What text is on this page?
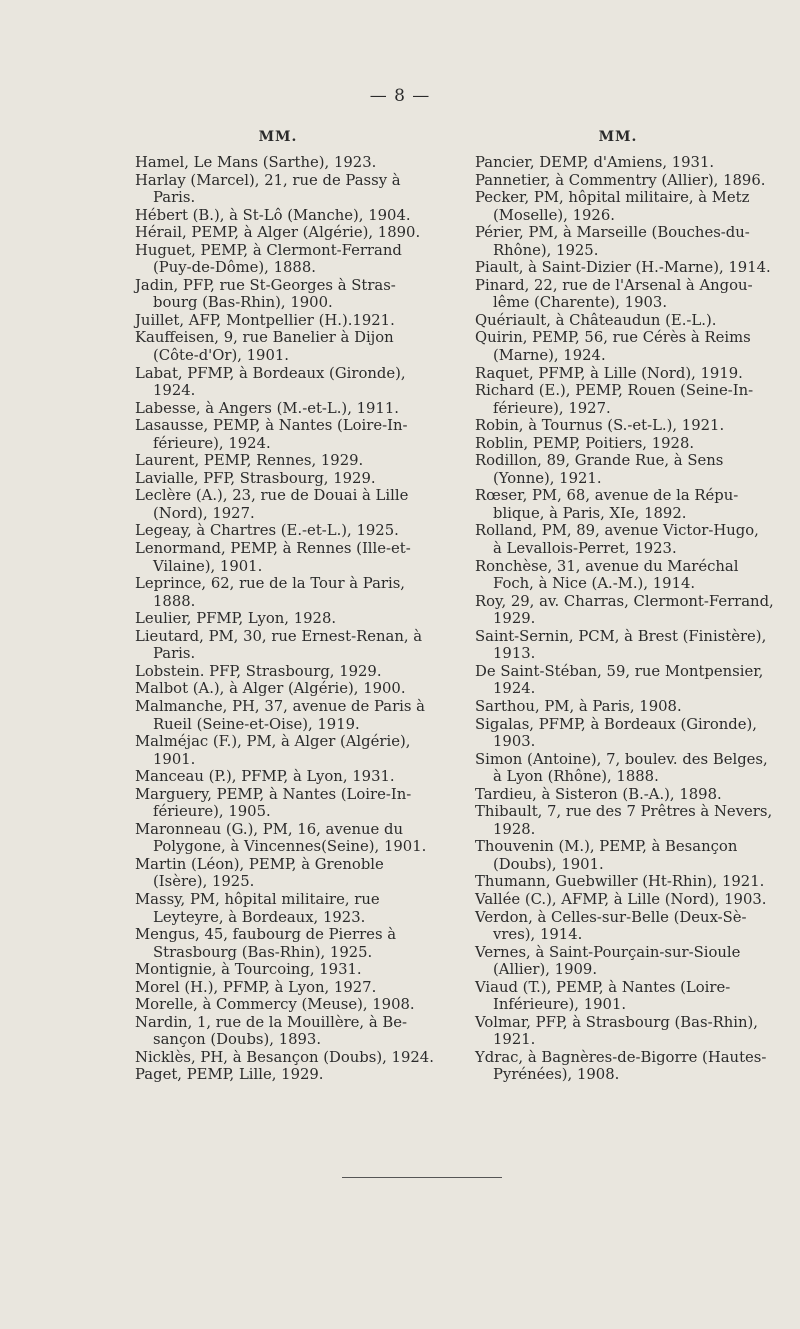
— 8 —
MM.
Hamel, Le Mans (Sarthe), 1923.
Harlay (Marcel), 21, rue de Passy à
Paris.
Hébert (B.), à St-Lô (Manche), 1904.
Hérail, PEMP, à Alger (Algérie), 1890.
Huguet, PEMP, à Clermont-Ferrand
(Puy-de-Dôme), 1888.
Jadin, PFP, rue St-Georges à Stras-
bourg (Bas-Rhin), 1900.
Juillet, AFP, Montpellier (H.).1921.
Kauffeisen, 9, rue Banelier à Dijon
(Côte-d'Or), 1901.
Labat, PFMP, à Bordeaux (Gironde),
1924.
Labesse, à Angers (M.-et-L.), 1911.
Lasausse, PEMP, à Nantes (Loire-In-
férieure), 1924.
Laurent, PEMP, Rennes, 1929.
Lavialle, PFP, Strasbourg, 1929.
Leclère (A.), 23, rue de Douai à Lille
(Nord), 1927.
Legeay, à Chartres (E.-et-L.), 1925.
Lenormand, PEMP, à Rennes (Ille-et-
Vilaine), 1901.
Leprince, 62, rue de la Tour à Paris,
1888.
Leulier, PFMP, Lyon, 1928.
Lieutard, PM, 30, rue Ernest-Renan, à
Paris.
Lobstein. PFP, Strasbourg, 1929.
Malbot (A.), à Alger (Algérie), 1900.
Malmanche, PH, 37, avenue de Paris à
Rueil (Seine-et-Oise), 1919.
Malméjac (F.), PM, à Alger (Algérie),
1901.
Manceau (P.), PFMP, à Lyon, 1931.
Marguery, PEMP, à Nantes (Loire-In-
férieure), 1905.
Maronneau (G.), PM, 16, avenue du
Polygone, à Vincennes(Seine), 1901.
Martin (Léon), PEMP, à Grenoble
(Isère), 1925.
Massy, PM, hôpital militaire, rue
Leyteyre, à Bordeaux, 1923.
Mengus, 45, faubourg de Pierres à
Strasbourg (Bas-Rhin), 1925.
Montignie, à Tourcoing, 1931.
Morel (H.), PFMP, à Lyon, 1927.
Morelle, à Commercy (Meuse), 1908.
Nardin, 1, rue de la Mouillère, à Be-
sançon (Doubs), 1893.
Nicklès, PH, à Besançon (Doubs), 1924.
Paget, PEMP, Lille, 1929.
MM.
Pancier, DEMP, d'Amiens, 1931.
Pannetier, à Commentry (Allier), 1896.
Pecker, PM, hôpital militaire, à Metz
(Moselle), 1926.
Périer, PM, à Marseille (Bouches-du-
Rhône), 1925.
Piault, à Saint-Dizier (H.-Marne), 1914.
Pinard, 22, rue de l'Arsenal à Angou-
lême (Charente), 1903.
Quériault, à Châteaudun (E.-L.).
Quirin, PEMP, 56, rue Cérès à Reims
(Marne), 1924.
Raquet, PFMP, à Lille (Nord), 1919.
Richard (E.), PEMP, Rouen (Seine-In-
férieure), 1927.
Robin, à Tournus (S.-et-L.), 1921.
Roblin, PEMP, Poitiers, 1928.
Rodillon, 89, Grande Rue, à Sens
(Yonne), 1921.
Rœser, PM, 68, avenue de la Répu-
blique, à Paris, XIe, 1892.
Rolland, PM, 89, avenue Victor-Hugo,
à Levallois-Perret, 1923.
Ronchèse, 31, avenue du Maréchal
Foch, à Nice (A.-M.), 1914.
Roy, 29, av. Charras, Clermont-Ferrand,
1929.
Saint-Sernin, PCM, à Brest (Finistère),
1913.
De Saint-Stéban, 59, rue Montpensier,
1924.
Sarthou, PM, à Paris, 1908.
Sigalas, PFMP, à Bordeaux (Gironde),
1903.
Simon (Antoine), 7, boulev. des Belges,
à Lyon (Rhône), 1888.
Tardieu, à Sisteron (B.-A.), 1898.
Thibault, 7, rue des 7 Prêtres à Nevers,
1928.
Thouvenin (M.), PEMP, à Besançon
(Doubs), 1901.
Thumann, Guebwiller (Ht-Rhin), 1921.
Vallée (C.), AFMP, à Lille (Nord), 1903.
Verdon, à Celles-sur-Belle (Deux-Sè-
vres), 1914.
Vernes, à Saint-Pourçain-sur-Sioule
(Allier), 1909.
Viaud (T.), PEMP, à Nantes (Loire-
Inférieure), 1901.
Volmar, PFP, à Strasbourg (Bas-Rhin),
1921.
Ydrac, à Bagnères-de-Bigorre (Hautes-
Pyrénées), 1908.
